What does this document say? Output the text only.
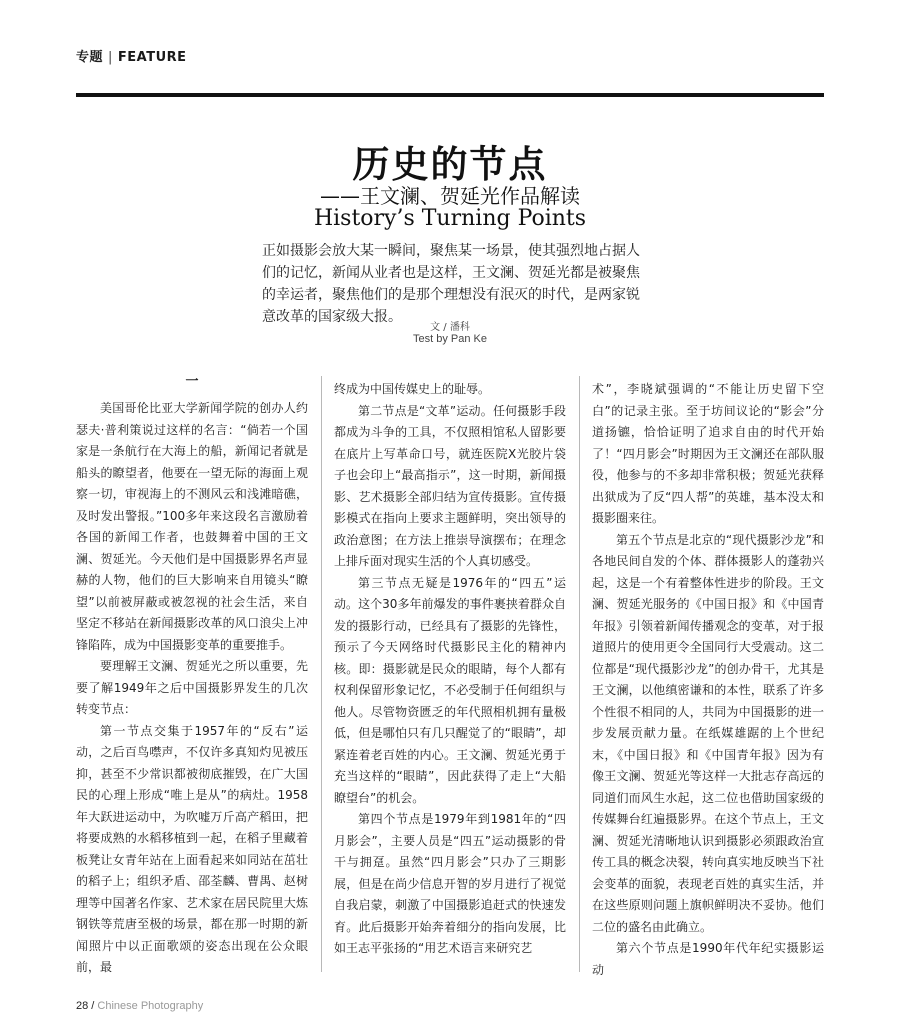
专题 | FEATURE
历史的节点
——王文澜、贺延光作品解读
History’s Turning Points
正如摄影会放大某一瞬间，聚焦某一场景，使其强烈地占据人们的记忆，新闻从业者也是这样，王文澜、贺延光都是被聚焦的幸运者，聚焦他们的是那个理想没有泯灭的时代，是两家锐意改革的国家级大报。
文 / 潘科
Test by Pan Ke
一

美国哥伦比亚大学新闻学院的创办人约瑟夫·普利策说过这样的名言：“倘若一个国家是一条航行在大海上的船，新闻记者就是船头的瞭望者，他要在一望无际的海面上观察一切，审视海上的不测风云和浅滩暗礁，及时发出警报。”100多年来这段名言激励着各国的新闻工作者，也鼓舞着中国的王文澜、贺延光。今天他们是中国摄影界名声显赫的人物，他们的巨大影响来自用镜头“瞭望”以前被屏蔽或被忽视的社会生活，来自坚定不移站在新闻摄影改革的风口浪尖上冲锋陷阵，成为中国摄影变革的重要推手。

要理解王文澜、贺延光之所以重要，先要了解1949年之后中国摄影界发生的几次转变节点：

第一节点交集于1957年的“反右”运动，之后百鸟噤声，不仅许多真知灼见被压抑，甚至不少常识都被彻底摧毁，在广大国民的心理上形成“唯上是从”的病灶。1958年大跃进运动中，为吹嘘万斤高产稻田，把将要成熟的水稻移植到一起，在稻子里藏着板凳让女青年站在上面看起来如同站在茁壮的稻子上；组织矛盾、邵荃麟、曹禺、赵树理等中国著名作家、艺术家在居民院里大炼钢铁等荒唐至极的场景，都在那一时期的新闻照片中以正面歌颂的姿态出现在公众眼前，最

终成为中国传媒史上的耻辱。

第二节点是“文革”运动。任何摄影手段都成为斗争的工具，不仅照相馆私人留影要在底片上写革命口号，就连医院X光胶片袋子也会印上“最高指示”，这一时期，新闻摄影、艺术摄影全部归结为宣传摄影。宣传摄影模式在指向上要求主题鲜明，突出领导的政治意图；在方法上推崇导演摆布；在理念上排斥面对现实生活的个人真切感受。

第三节点无疑是1976年的“四五”运动。这个30多年前爆发的事件裹挟着群众自发的摄影行动，已经具有了摄影的先锋性，预示了今天网络时代摄影民主化的精神内核。即：摄影就是民众的眼睛，每个人都有权利保留形象记忆，不必受制于任何组织与他人。尽管物资匮乏的年代照相机拥有量极低，但是哪怕只有几只醒觉了的“眼睛”，却紧连着老百姓的内心。王文澜、贺延光勇于充当这样的“眼睛”，因此获得了走上“大船瞭望台”的机会。

第四个节点是1979年到1981年的“四月影会”，主要人员是“四五”运动摄影的骨干与拥趸。虽然“四月影会”只办了三期影展，但是在尚少信息开智的岁月进行了视觉自我启蒙，刺激了中国摄影追赶式的快速发育。此后摄影开始奔着细分的指向发展，比如王志平张扬的“用艺术语言来研究艺

术”，李晓斌强调的“不能让历史留下空白”的记录主张。至于坊间议论的“影会”分道扬镳，恰恰证明了追求自由的时代开始了！“四月影会”时期因为王文澜还在部队服役，他参与的不多却非常积极；贺延光获释出狱成为了反“四人帮”的英雄，基本没太和摄影圈来往。

第五个节点是北京的“现代摄影沙龙”和各地民间自发的个体、群体摄影人的蓬勃兴起，这是一个有着整体性进步的阶段。王文澜、贺延光服务的《中国日报》和《中国青年报》引领着新闻传播观念的变革，对于报道照片的使用更令全国同行大受震动。这二位都是“现代摄影沙龙”的创办骨干，尤其是王文澜，以他缜密谦和的本性，联系了许多个性很不相同的人，共同为中国摄影的进一步发展贡献力量。在纸媒雄踞的上个世纪末，《中国日报》和《中国青年报》因为有像王文澜、贺延光等这样一大批志存高远的同道们而风生水起，这二位也借助国家级的传媒舞台红遍摄影界。在这个节点上，王文澜、贺延光清晰地认识到摄影必须跟政治宣传工具的概念决裂，转向真实地反映当下社会变革的面貌，表现老百姓的真实生活，并在这些原则问题上旗帜鲜明决不妥协。他们二位的盛名由此确立。

第六个节点是1990年代年纪实摄影运动

28 / Chinese Photography
